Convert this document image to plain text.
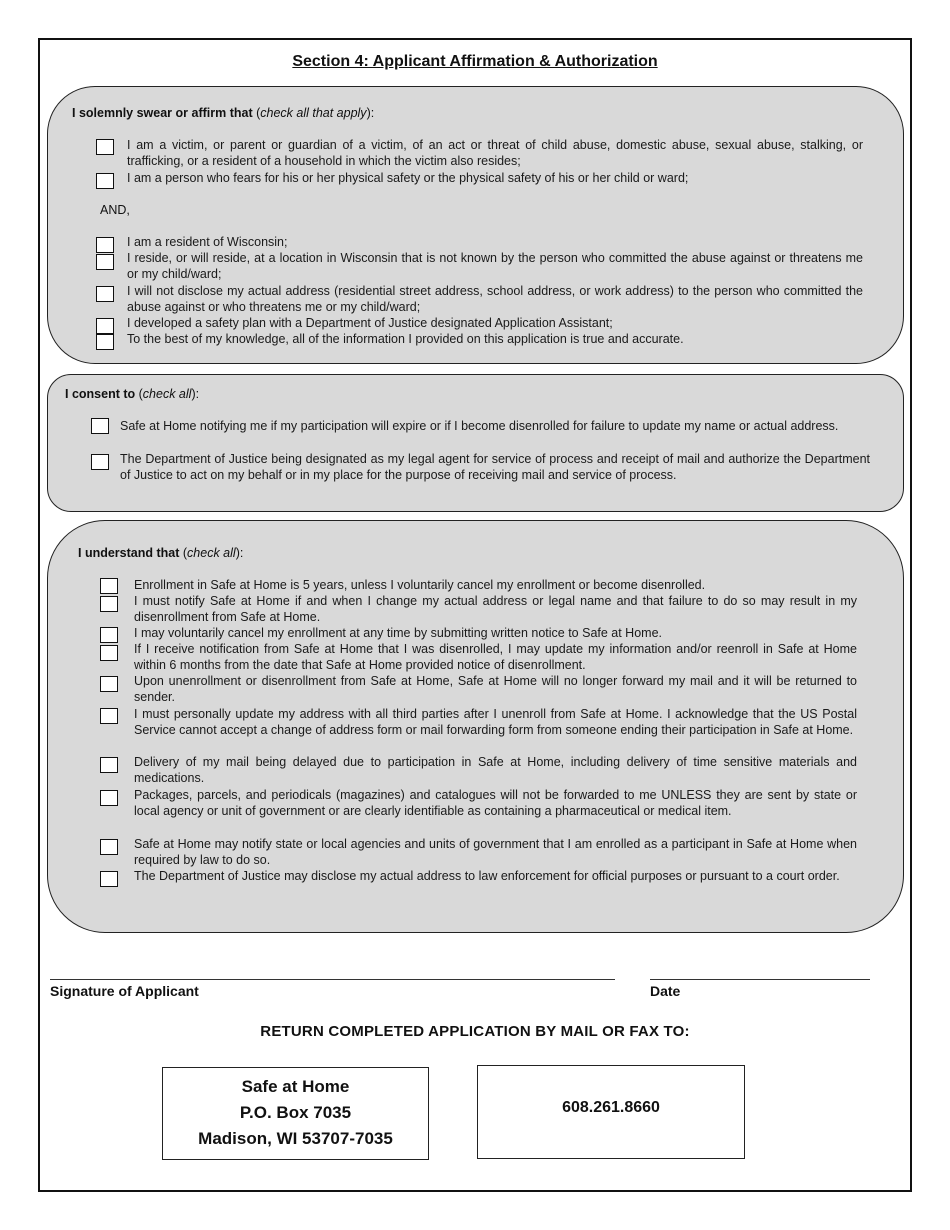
Section 4: Applicant Affirmation & Authorization
I solemnly swear or affirm that (check all that apply):
I am a victim, or parent or guardian of a victim, of an act or threat of child abuse, domestic abuse, sexual abuse, stalking, or trafficking, or a resident of a household in which the victim also resides;
I am a person who fears for his or her physical safety or the physical safety of his or her child or ward;
AND,
I am a resident of Wisconsin;
I reside, or will reside, at a location in Wisconsin that is not known by the person who committed the abuse against or threatens me or my child/ward;
I will not disclose my actual address (residential street address, school address, or work address) to the person who committed the abuse against or who threatens me or my child/ward;
I developed a safety plan with a Department of Justice designated Application Assistant;
To the best of my knowledge, all of the information I provided on this application is true and accurate.
I consent to (check all):
Safe at Home notifying me if my participation will expire or if I become disenrolled for failure to update my name or actual address.
The Department of Justice being designated as my legal agent for service of process and receipt of mail and authorize the Department of Justice to act on my behalf or in my place for the purpose of receiving mail and service of process.
I understand that (check all):
Enrollment in Safe at Home is 5 years, unless I voluntarily cancel my enrollment or become disenrolled.
I must notify Safe at Home if and when I change my actual address or legal name and that failure to do so may result in my disenrollment from Safe at Home.
I may voluntarily cancel my enrollment at any time by submitting written notice to Safe at Home.
If I receive notification from Safe at Home that I was disenrolled, I may update my information and/or reenroll in Safe at Home within 6 months from the date that Safe at Home provided notice of disenrollment.
Upon unenrollment or disenrollment from Safe at Home, Safe at Home will no longer forward my mail and it will be returned to sender.
I must personally update my address with all third parties after I unenroll from Safe at Home. I acknowledge that the US Postal Service cannot accept a change of address form or mail forwarding form from someone ending their participation in Safe at Home.
Delivery of my mail being delayed due to participation in Safe at Home, including delivery of time sensitive materials and medications.
Packages, parcels, and periodicals (magazines) and catalogues will not be forwarded to me UNLESS they are sent by state or local agency or unit of government or are clearly identifiable as containing a pharmaceutical or medical item.
Safe at Home may notify state or local agencies and units of government that I am enrolled as a participant in Safe at Home when required by law to do so.
The Department of Justice may disclose my actual address to law enforcement for official purposes or pursuant to a court order.
Signature of Applicant	Date
RETURN COMPLETED APPLICATION BY MAIL OR FAX TO:
Safe at Home
P.O. Box 7035
Madison, WI 53707-7035
608.261.8660
